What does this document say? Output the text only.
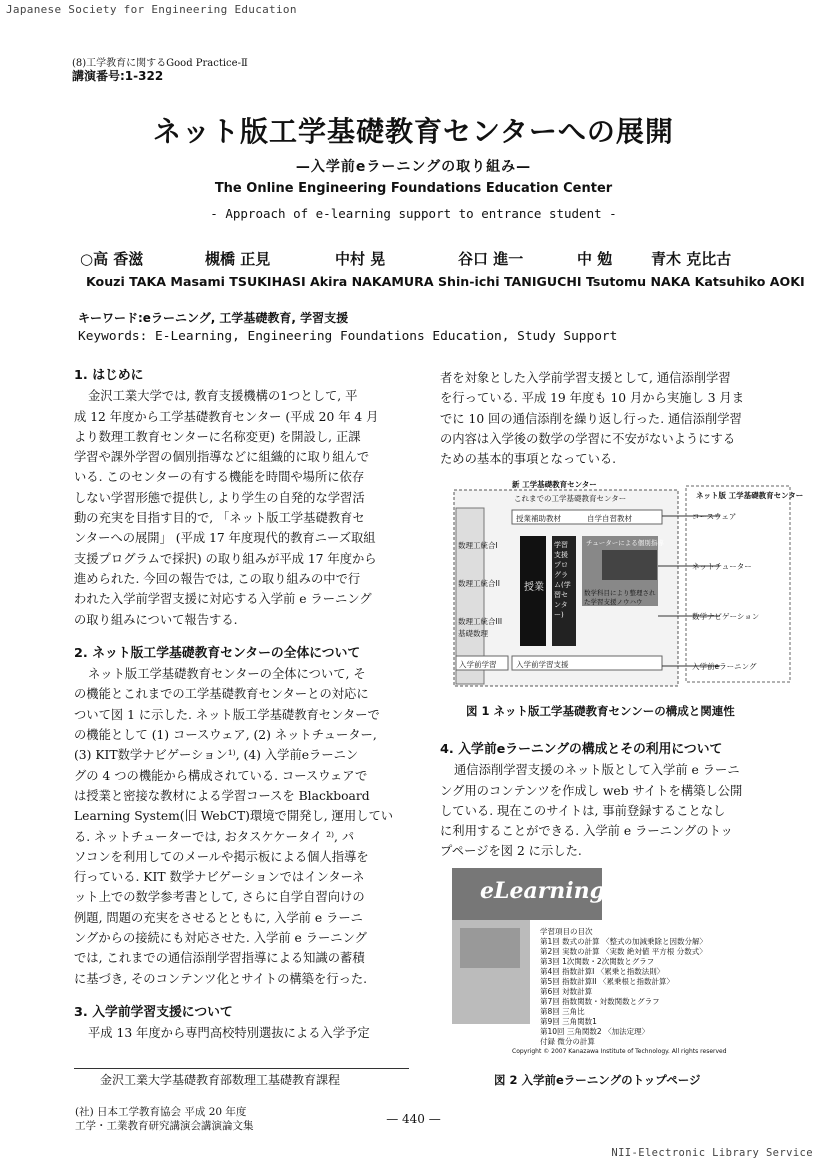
Japanese Society for Engineering Education
(8)工学教育に関するGood Practice-Ⅱ
講演番号:1-322
ネット版工学基礎教育センターへの展開
—入学前eラーニングの取り組み—
The Online Engineering Foundations Education Center
- Approach of e-learning support to entrance student -
○高 香滋	槻橋 正見	中村 晃	谷口 進一	中 勉	青木 克比古
Kouzi TAKA Masami TSUKIHASI Akira NAKAMURA Shin-ichi TANIGUCHI Tsutomu NAKA Katsuhiko AOKI
キーワード:eラーニング, 工学基礎教育, 学習支援
Keywords: E-Learning, Engineering Foundations Education, Study Support
1. はじめに
金沢工業大学では, 教育支援機構の1つとして, 平
成 12 年度から工学基礎教育センター (平成 20 年 4 月
より数理工教育センターに名称変更) を開設し, 正課
学習や課外学習の個別指導などに組織的に取り組んで
いる. このセンターの有する機能を時間や場所に依存
しない学習形態で提供し, より学生の自発的な学習活
動の充実を目指す目的で, 「ネット版工学基礎教育セ
ンターへの展開」 (平成 17 年度現代的教育ニーズ取組
支援プログラムで採択) の取り組みが平成 17 年度から
進められた. 今回の報告では, この取り組みの中で行
われた入学前学習支援に対応する入学前 e ラーニング
の取り組みについて報告する.
2. ネット版工学基礎教育センターの全体について
ネット版工学基礎教育センターの全体について, そ
の機能とこれまでの工学基礎教育センターとの対応に
ついて図 1 に示した. ネット版工学基礎教育センターで
の機能として (1) コースウェア, (2) ネットチューター,
(3) KIT数学ナビゲーション¹⁾, (4) 入学前eラーニン
グの 4 つの機能から構成されている. コースウェアで
は授業と密接な教材による学習コースを Blackboard
Learning System(旧 WebCT)環境で開発し, 運用してい
る. ネットチューターでは, おタスケケータイ ²⁾, パ
ソコンを利用してのメールや掲示板による個人指導を
行っている. KIT 数学ナビゲーションではインターネ
ット上での数学参考書として, さらに自学自習向けの
例題, 問題の充実をさせるとともに, 入学前 e ラーニ
ングからの接続にも対応させた. 入学前 e ラーニング
では, これまでの通信添削学習指導による知識の蓄積
に基づき, そのコンテンツ化とサイトの構築を行った.
3. 入学前学習支援について
平成 13 年度から専門高校特別選抜による入学予定
者を対象とした入学前学習支援として, 通信添削学習
を行っている. 平成 19 年度も 10 月から実施し 3 月ま
でに 10 回の通信添削を繰り返し行った. 通信添削学習
の内容は入学後の数学の学習に不安がないようにする
ための基本的事項となっている.
新 工学基礎教育センター
これまでの工学基礎教育センター	ネット版 工学基礎教育センター
授業補助教材	自学自習教材
数理工統合I
数理工統合II
数理工統合III
基礎数理
入学前学習
授業
学習支援プログラム(学習センター)
チューターによる個別指導
数学科目により整理された学習支援ノウハウ
コースウェア
ネットチューター
数学ナビゲーション
入学前eラーニング
入学前学習支援
図 1 ネット版工学基礎教育センンーの構成と関連性
4. 入学前eラーニングの構成とその利用について
通信添削学習支援のネット版として入学前 e ラーニ
ング用のコンテンツを作成し web サイトを構築し公開
している. 現在このサイトは, 事前登録することなし
に利用することができる. 入学前 e ラーニングのトッ
プページを図 2 に示した.
eLearning
学習項目の目次
第1回 数式の計算 〈整式の加減乗除と因数分解〉
第2回 実数の計算 〈実数 絶対値 平方根 分数式〉
第3回 1次関数・2次関数とグラフ
第4回 指数計算I 〈累乗と指数法則〉
第5回 指数計算II 〈累乗根と指数計算〉
第6回 対数計算
第7回 指数関数・対数関数とグラフ
第8回 三角比
第9回 三角関数1
第10回 三角関数2 〈加法定理〉
付録 微分の計算
Copyright © 2007 Kanazawa Institute of Technology. All rights reserved
図 2 入学前eラーニングのトップページ
金沢工業大学基礎教育部数理工基礎教育課程
(社) 日本工学教育協会 平成 20 年度
工学・工業教育研究講演会講演論文集	— 440 —
NII-Electronic Library Service
